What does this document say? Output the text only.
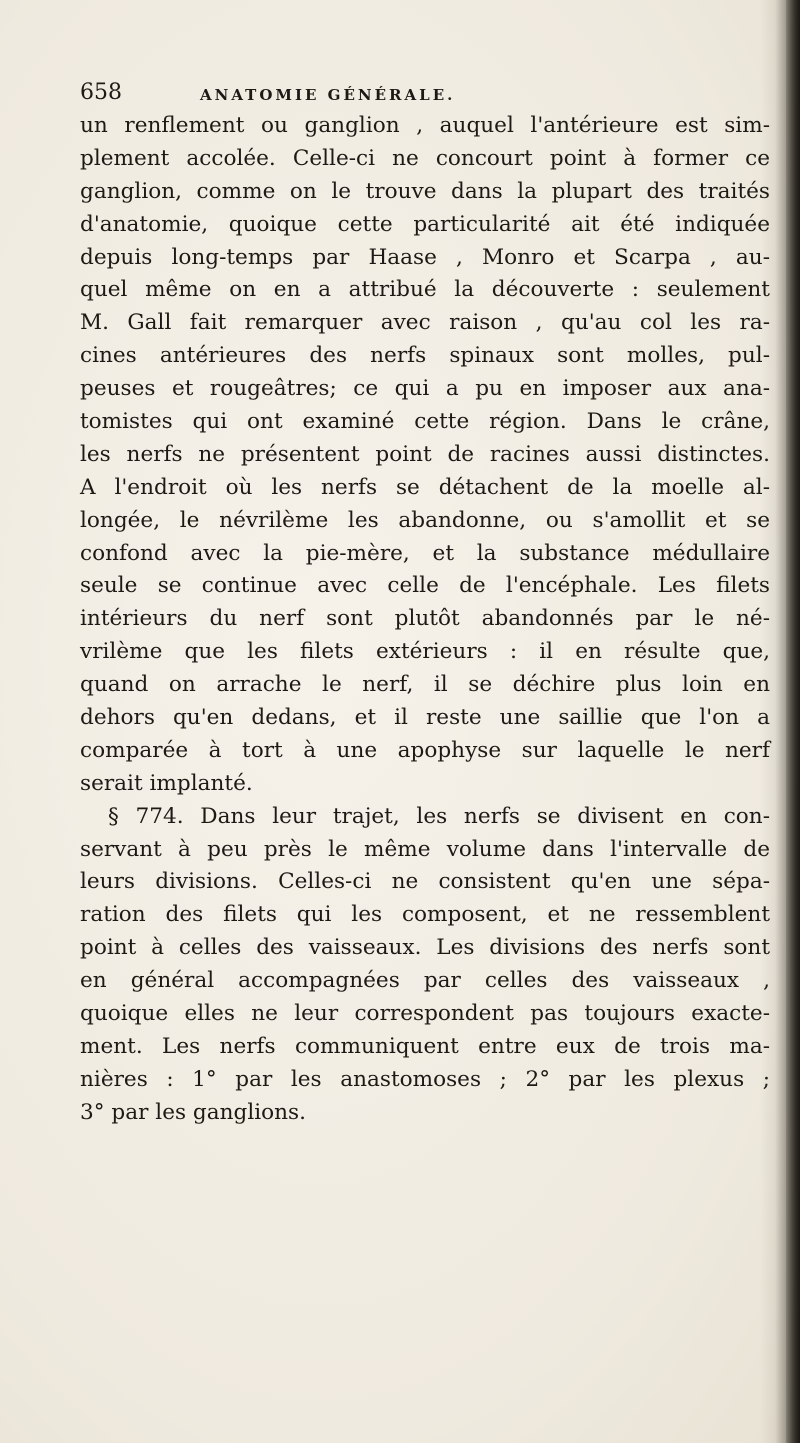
658	ANATOMIE GÉNÉRALE.
un renflement ou ganglion , auquel l'antérieure est sim-
plement accolée. Celle-ci ne concourt point à former ce
ganglion, comme on le trouve dans la plupart des traités
d'anatomie, quoique cette particularité ait été indiquée
depuis long-temps par Haase , Monro et Scarpa , au-
quel même on en a attribué la découverte : seulement
M. Gall fait remarquer avec raison , qu'au col les ra-
cines antérieures des nerfs spinaux sont molles, pul-
peuses et rougeâtres; ce qui a pu en imposer aux ana-
tomistes qui ont examiné cette région. Dans le crâne,
les nerfs ne présentent point de racines aussi distinctes.
A l'endroit où les nerfs se détachent de la moelle al-
longée, le névrilème les abandonne, ou s'amollit et se
confond avec la pie-mère, et la substance médullaire
seule se continue avec celle de l'encéphale. Les filets
intérieurs du nerf sont plutôt abandonnés par le né-
vrilème que les filets extérieurs : il en résulte que,
quand on arrache le nerf, il se déchire plus loin en
dehors qu'en dedans, et il reste une saillie que l'on a
comparée à tort à une apophyse sur laquelle le nerf
serait implanté.
§ 774. Dans leur trajet, les nerfs se divisent en con-
servant à peu près le même volume dans l'intervalle de
leurs divisions. Celles-ci ne consistent qu'en une sépa-
ration des filets qui les composent, et ne ressemblent
point à celles des vaisseaux. Les divisions des nerfs sont
en général accompagnées par celles des vaisseaux ,
quoique elles ne leur correspondent pas toujours exacte-
ment. Les nerfs communiquent entre eux de trois ma-
nières : 1° par les anastomoses ; 2° par les plexus ;
3° par les ganglions.
